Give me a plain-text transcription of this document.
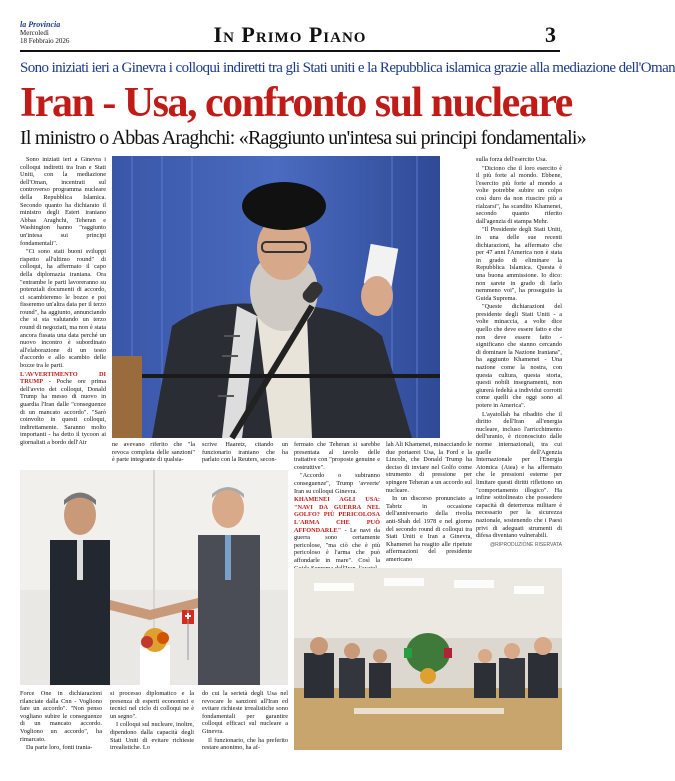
la Provincia
Mercoledì
18 Febbraio 2026	In Primo Piano	3
Sono iniziati ieri a Ginevra i colloqui indiretti tra gli Stati uniti e la Repubblica islamica grazie alla mediazione dell'Oman
Iran - Usa, confronto sul nucleare
Il ministro o Abbas Araghchi: «Raggiunto un'intesa sui principi fondamentali»

Sono iniziati ieri a Ginevra i colloqui indiretti tra Iran e Stati Uniti, con la mediazione dell'Oman, incentrati sul controverso programma nucleare della Repubblica Islamica. Secondo quanto ha dichiarato il ministro degli Esteri iraniano Abbas Araghchi, Teheran e Washington hanno "raggiunto un'intesa sui principi fondamentali".

"Ci sono stati buoni sviluppi rispetto all'ultimo round" di colloqui, ha affermato il capo della diplomazia iraniana. Ora "entrambe le parti lavoreranno su potenziali documenti di accordo, ci scambieremo le bozze e poi fisseremo un'altra data per il terzo round", ha aggiunto, annunciando che si sta valutando un terzo round di negoziati, ma non è stata ancora fissata una data perché un nuovo incontro è subordinato all'elaborazione di un testo d'accordo e allo scambio delle bozze tra le parti.

L'AVVERTIMENTO DI TRUMP - Poche ore prima dell'avvio dei colloqui, Donald Trump ha messo di nuovo in guardia l'Iran dalle "conseguenze di un mancato accordo". "Sarò coinvolto in questi colloqui, indirettamente. Saranno molto importanti - ha detto il tycoon ai giornalisti a bordo dell'Air

sulla forza dell'esercito Usa.

"Diciono che il loro esercito è il più forte al mondo. Ebbene, l'esercito più forte al mondo a volte potrebbe subire un colpo così duro da non riuscire più a rialzarsi", ha scandito Khamenei, secondo quanto riferito dall'agenzia di stampa Mehr.

"Il Presidente degli Stati Uniti, in una delle sue recenti dichiarazioni, ha affermato che per 47 anni l'America non è stata in grado di eliminare la Repubblica Islamica. Questa è una buona ammissione. Io dico: non sarete in grado di farlo nemmeno voi", ha proseguito la Guida Suprema.

"Queste dichiarazioni del presidente degli Stati Uniti - a volte minaccia, a volte dice quello che deve essere fatto e che non deve essere fatto - significano che stanno cercando di dominare la Nazione Iraniana", ha aggiunto Khamenei - Una nazione come la nostra, con questa cultura, questa storia, questi nobili insegnamenti, non giurerà fedeltà a individui corrotti come quelli che oggi sono al potere in America".

L'ayatollah ha ribadito che il diritto dell'Iran all'energia nucleare, incluso l'arricchimento dell'uranio, è riconosciuto dalle norme internazionali, tra cui quelle dell'Agenzia Internazionale per l'Energia Atomica (Aiea) e ha affermato che le pressioni esterne per limitare questi diritti riflettono un "comportamento illogico". Ha infine sottolineato che possedere capacità di deterrenza militare è necessario per la sicurezza nazionale, sostenendo che i Paesi privi di adeguati strumenti di difesa diventano vulnerabili.

@RIPRODUZIONE RISERVATA

ne avevano riferito che "la revoca completa delle sanzioni" è parte integrante di qualsia-

scrive Haaretz, citando un funzionario iraniano che ha parlato con la Reuters, secon-

fermato che Teheran si sarebbe presentata al tavolo delle trattative con "proposte genuine e costruttive".

"Accordo o subiranno conseguenze", Trump 'avverte' Iran su colloqui Ginevra.

KHAMENEI AGLI USA: "NAVI DA GUERRA NEL GOLFO? PIÙ PERICOLOSA L'ARMA CHE PUÒ AFFONDARLE" - Le navi da guerra sono certamente pericolose, "ma ciò che è più pericoloso è l'arma che può affondarle in mare". Così la

lah Ali Khamenei, minacciando le due portaerei Usa, la Ford e la Lincoln, che Donald Trump ha deciso di inviare nel Golfo come strumento di pressione per spingere Teheran a un accordo sul nucleare.

In un discorso pronunciato a Tabriz in occasione dell'anniversario della rivolta anti-Shah del 1978 e nel giorno del secondo round di colloqui tra Stati Uniti e Iran a Ginevra, Khamenei ha reagito alle ripetute affermazioni del presidente americano

Force One in dichiarazioni rilanciate dalla Cnn - Vogliono fare un accordo". "Non penso vogliano subire le conseguenze di un mancato accordo. Vogliono un accordo", ha rimarcato.

Da parte loro, fonti irania-

si processo diplomatico e la presenza di esperti economici e tecnici nel ciclo di colloqui ne è un segno".

I colloqui sul nucleare, inoltre, dipendono dalla capacità degli Stati Uniti di evitare richieste irrealistiche. Lo

do cui la serietà degli Usa nel revocare le sanzioni all'Iran ed evitare richieste irrealistiche sono fondamentali per garantire colloqui efficaci sul nucleare a Ginevra.

Il funzionario, che ha preferito restare anonimo, ha af-
